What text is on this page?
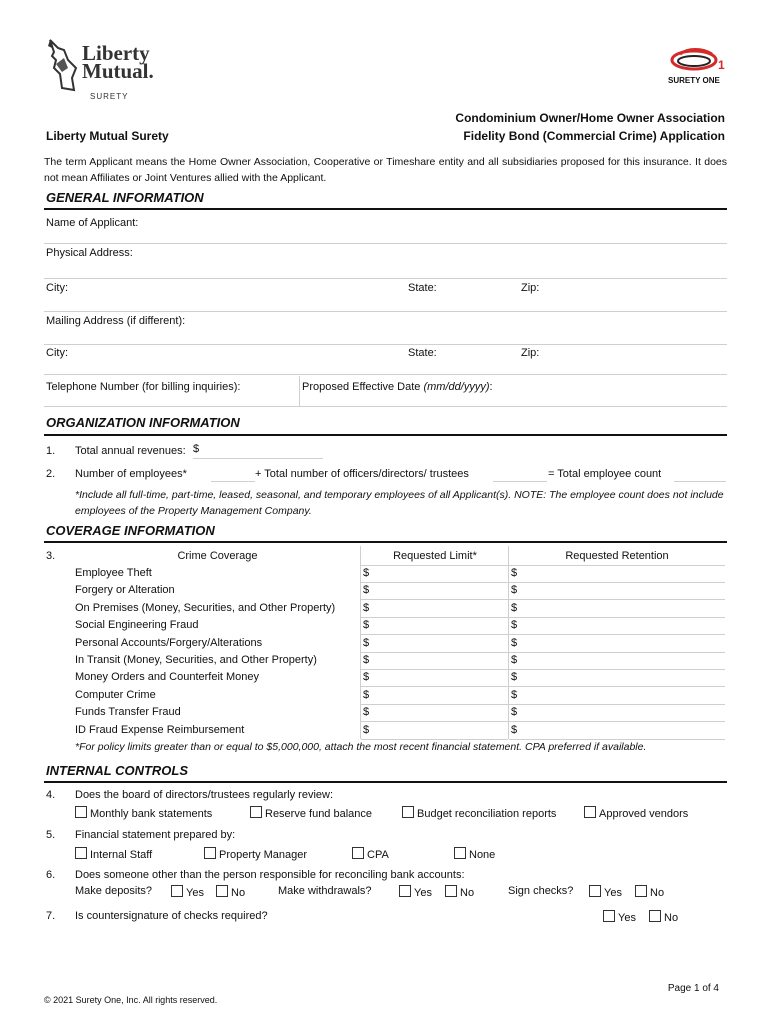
Liberty
Mutual.
SURETY
1
SURETY ONE
Liberty Mutual Surety
Condominium Owner/Home Owner Association
Fidelity Bond (Commercial Crime) Application
The term Applicant means the Home Owner Association, Cooperative or Timeshare entity and all subsidiaries proposed for this insurance. It does not mean Affiliates or Joint Ventures allied with the Applicant.
GENERAL INFORMATION
Name of Applicant:
Physical Address:
City:	State:	Zip:
Mailing Address (if different):
City:	State:	Zip:
Telephone Number (for billing inquiries):	Proposed Effective Date (mm/dd/yyyy):
ORGANIZATION INFORMATION
1. Total annual revenues: $
2. Number of employees*	+ Total number of officers/directors/ trustees	= Total employee count
*Include all full-time, part-time, leased, seasonal, and temporary employees of all Applicant(s). NOTE: The employee count does not include employees of the Property Management Company.
COVERAGE INFORMATION
3.	Crime Coverage	Requested Limit*	Requested Retention
Employee Theft	$	$
Forgery or Alteration	$	$
On Premises (Money, Securities, and Other Property)	$	$
Social Engineering Fraud	$	$
Personal Accounts/Forgery/Alterations	$	$
In Transit (Money, Securities, and Other Property)	$	$
Money Orders and Counterfeit Money	$	$
Computer Crime	$	$
Funds Transfer Fraud	$	$
ID Fraud Expense Reimbursement	$	$
*For policy limits greater than or equal to $5,000,000, attach the most recent financial statement. CPA preferred if available.
INTERNAL CONTROLS
4. Does the board of directors/trustees regularly review:
Monthly bank statements	Reserve fund balance	Budget reconciliation reports	Approved vendors
5. Financial statement prepared by:
Internal Staff	Property Manager	CPA	None
6. Does someone other than the person responsible for reconciling bank accounts:
Make deposits?	Yes	No	Make withdrawals?	Yes	No	Sign checks?	Yes	No
7. Is countersignature of checks required?	Yes	No
Page 1 of 4
© 2021 Surety One, Inc. All rights reserved.
